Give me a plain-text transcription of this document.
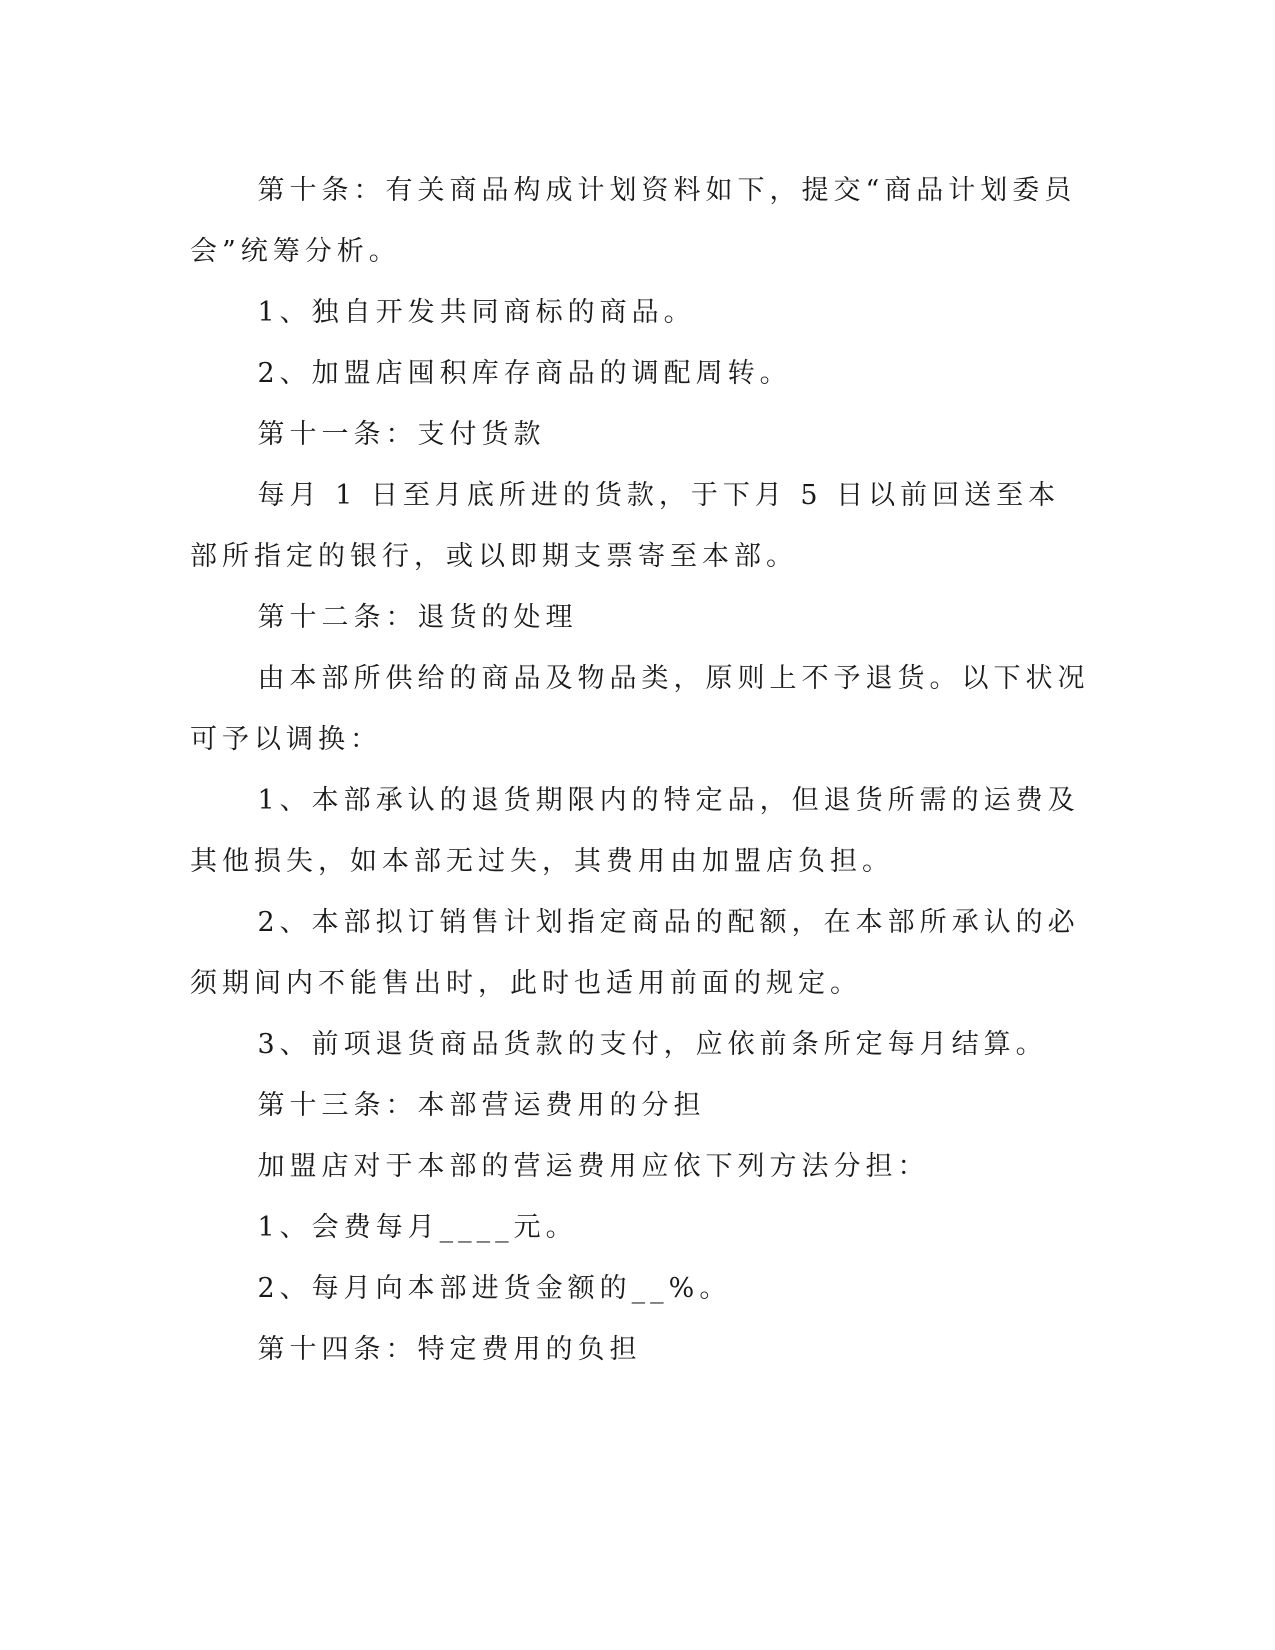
第十条：有关商品构成计划资料如下，提交“商品计划委员会”统筹分析。

1、独自开发共同商标的商品。

2、加盟店囤积库存商品的调配周转。

第十一条：支付货款

每月 1 日至月底所进的货款，于下月 5 日以前回送至本部所指定的银行，或以即期支票寄至本部。

第十二条：退货的处理

由本部所供给的商品及物品类，原则上不予退货。以下状况可予以调换：

1、本部承认的退货期限内的特定品，但退货所需的运费及其他损失，如本部无过失，其费用由加盟店负担。

2、本部拟订销售计划指定商品的配额，在本部所承认的必须期间内不能售出时，此时也适用前面的规定。

3、前项退货商品货款的支付，应依前条所定每月结算。

第十三条：本部营运费用的分担

加盟店对于本部的营运费用应依下列方法分担：

1、会费每月____元。

2、每月向本部进货金额的__%。

第十四条：特定费用的负担
